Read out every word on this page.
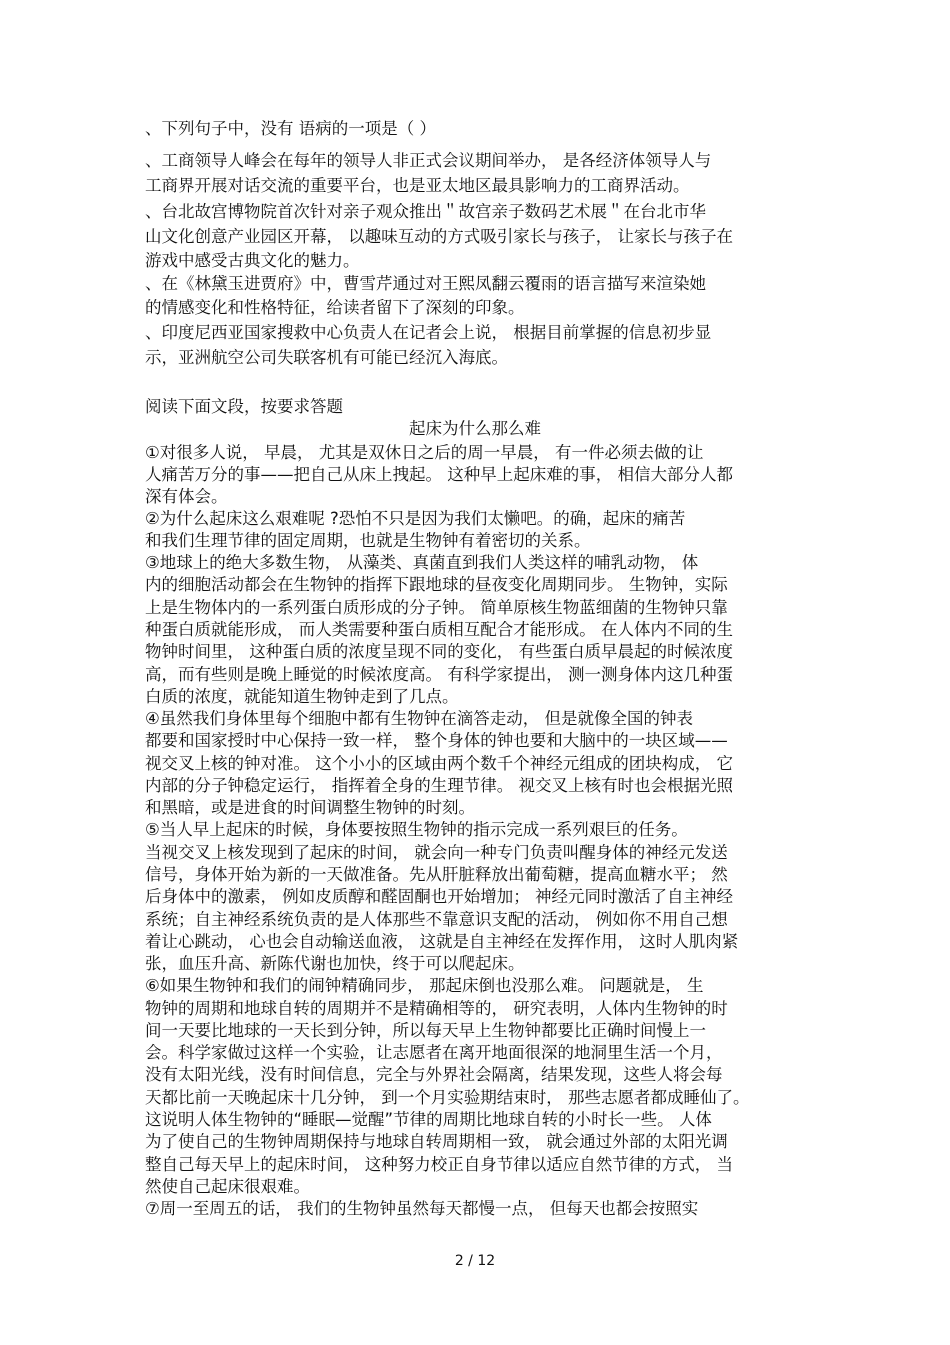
、下列句子中，没有 语病的一项是（ ）
、工商领导人峰会在每年的领导人非正式会议期间举办， 是各经济体领导人与
工商界开展对话交流的重要平台，也是亚太地区最具影响力的工商界活动。
、台北故宫博物院首次针对亲子观众推出＂故宫亲子数码艺术展＂在台北市华
山文化创意产业园区开幕， 以趣味互动的方式吸引家长与孩子， 让家长与孩子在
游戏中感受古典文化的魅力。
、在《林黛玉进贾府》中，曹雪芹通过对王熙凤翻云覆雨的语言描写来渲染她
的情感变化和性格特征，给读者留下了深刻的印象。
、印度尼西亚国家搜救中心负责人在记者会上说， 根据目前掌握的信息初步显
示，亚洲航空公司失联客机有可能已经沉入海底。
阅读下面文段，按要求答题
起床为什么那么难
①对很多人说， 早晨， 尤其是双休日之后的周一早晨， 有一件必须去做的让
人痛苦万分的事——把自己从床上拽起。 这种早上起床难的事， 相信大部分人都
深有体会。
②为什么起床这么艰难呢 ?恐怕不只是因为我们太懒吧。的确，起床的痛苦
和我们生理节律的固定周期，也就是生物钟有着密切的关系。
③地球上的绝大多数生物， 从藻类、真菌直到我们人类这样的哺乳动物， 体
内的细胞活动都会在生物钟的指挥下跟地球的昼夜变化周期同步。 生物钟，实际
上是生物体内的一系列蛋白质形成的分子钟。 简单原核生物蓝细菌的生物钟只靠
种蛋白质就能形成， 而人类需要种蛋白质相互配合才能形成。 在人体内不同的生
物钟时间里， 这种蛋白质的浓度呈现不同的变化， 有些蛋白质早晨起的时候浓度
高，而有些则是晚上睡觉的时候浓度高。 有科学家提出， 测一测身体内这几种蛋
白质的浓度，就能知道生物钟走到了几点。
④虽然我们身体里每个细胞中都有生物钟在滴答走动， 但是就像全国的钟表
都要和国家授时中心保持一致一样， 整个身体的钟也要和大脑中的一块区域——
视交叉上核的钟对准。 这个小小的区域由两个数千个神经元组成的团块构成， 它
内部的分子钟稳定运行， 指挥着全身的生理节律。 视交叉上核有时也会根据光照
和黑暗，或是进食的时间调整生物钟的时刻。
⑤当人早上起床的时候，身体要按照生物钟的指示完成一系列艰巨的任务。
当视交叉上核发现到了起床的时间， 就会向一种专门负责叫醒身体的神经元发送
信号，身体开始为新的一天做准备。先从肝脏释放出葡萄糖，提高血糖水平； 然
后身体中的激素， 例如皮质醇和醛固酮也开始增加； 神经元同时激活了自主神经
系统；自主神经系统负责的是人体那些不靠意识支配的活动， 例如你不用自己想
着让心跳动， 心也会自动输送血液， 这就是自主神经在发挥作用， 这时人肌肉紧
张，血压升高、新陈代谢也加快，终于可以爬起床。
⑥如果生物钟和我们的闹钟精确同步， 那起床倒也没那么难。 问题就是， 生
物钟的周期和地球自转的周期并不是精确相等的， 研究表明，人体内生物钟的时
间一天要比地球的一天长到分钟，所以每天早上生物钟都要比正确时间慢上一
会。科学家做过这样一个实验，让志愿者在离开地面很深的地洞里生活一个月，
没有太阳光线，没有时间信息，完全与外界社会隔离，结果发现，这些人将会每
天都比前一天晚起床十几分钟， 到一个月实验期结束时， 那些志愿者都成睡仙了。
这说明人体生物钟的“睡眠—觉醒”节律的周期比地球自转的小时长一些。 人体
为了使自己的生物钟周期保持与地球自转周期相一致， 就会通过外部的太阳光调
整自己每天早上的起床时间， 这种努力校正自身节律以适应自然节律的方式， 当
然使自己起床很艰难。
⑦周一至周五的话， 我们的生物钟虽然每天都慢一点， 但每天也都会按照实
2 / 12
